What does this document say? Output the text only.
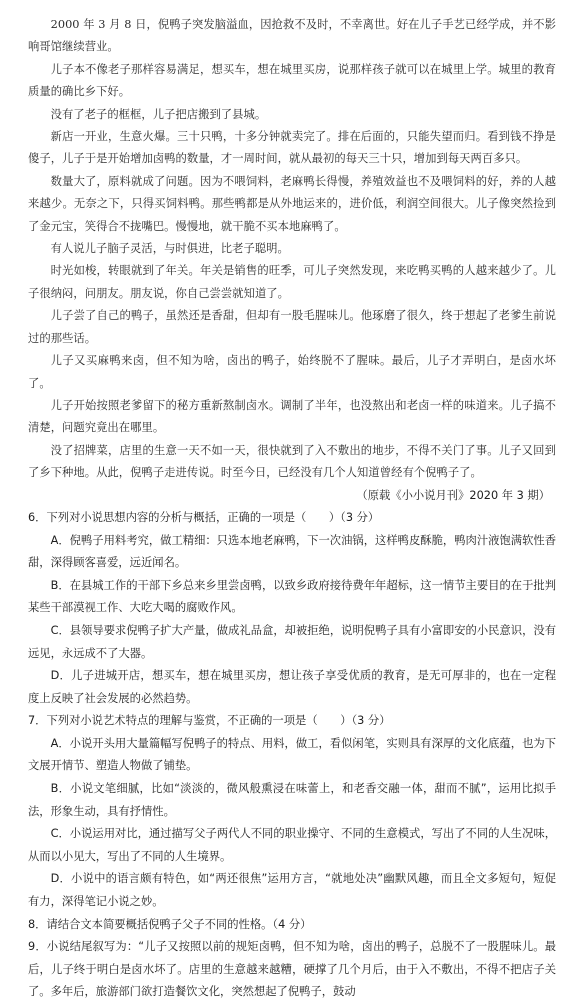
2000 年 3 月 8 日，倪鸭子突发脑溢血，因抢救不及时，不幸离世。好在儿子手艺已经学成，并不影响哥馆继续营业。

儿子本不像老子那样容易满足，想买车，想在城里买房，说那样孩子就可以在城里上学。城里的教育质量的确比乡下好。

没有了老子的框框，儿子把店搬到了县城。

新店一开业，生意火爆。三十只鸭，十多分钟就卖完了。排在后面的，只能失望而归。看到钱不挣是傻子，儿子于是开始增加卤鸭的数量，才一周时间，就从最初的每天三十只，增加到每天两百多只。

数量大了，原料就成了问题。因为不喂饲料，老麻鸭长得慢，养殖效益也不及喂饲料的好，养的人越来越少。无奈之下，只得买饲料鸭。那些鸭都是从外地运来的，进价低，利润空间很大。儿子像突然捡到了金元宝，笑得合不拢嘴巴。慢慢地，就干脆不买本地麻鸭了。

有人说儿子脑子灵活，与时俱进，比老子聪明。

时光如梭，转眼就到了年关。年关是销售的旺季，可儿子突然发现，来吃鸭买鸭的人越来越少了。儿子很纳闷，问朋友。朋友说，你自己尝尝就知道了。

儿子尝了自己的鸭子，虽然还是香甜，但却有一股毛腥味儿。他琢磨了很久，终于想起了老爹生前说过的那些话。

儿子又买麻鸭来卤，但不知为啥，卤出的鸭子，始终脱不了腥味。最后，儿子才弄明白，是卤水坏了。

儿子开始按照老爹留下的秘方重新熬制卤水。调制了半年，也没熬出和老卤一样的味道来。儿子搞不清楚，问题究竟出在哪里。

没了招牌菜，店里的生意一天不如一天，很快就到了入不敷出的地步，不得不关门了事。儿子又回到了乡下种地。从此，倪鸭子走进传说。时至今日，已经没有几个人知道曾经有个倪鸭子了。

（原载《小小说月刊》2020 年 3 期）

6．下列对小说思想内容的分析与概括，正确的一项是（　　）（3 分）

A．倪鸭子用料考究，做工精细：只选本地老麻鸭，下一次油锅，这样鸭皮酥脆，鸭肉汁液饱满软性香甜，深得顾客喜爱，远近闻名。

B．在县城工作的干部下乡总来乡里尝卤鸭，以致乡政府接待费年年超标，这一情节主要目的在于批判某些干部漠视工作、大吃大喝的腐败作风。

C．县领导要求倪鸭子扩大产量，做成礼品盒，却被拒绝，说明倪鸭子具有小富即安的小民意识，没有远见，永远成不了大器。

D．儿子进城开店，想买车，想在城里买房，想让孩子享受优质的教育，是无可厚非的，也在一定程度上反映了社会发展的必然趋势。

7．下列对小说艺术特点的理解与鉴赏，不正确的一项是（　　）（3 分）

A．小说开头用大量篇幅写倪鸭子的特点、用料，做工，看似闲笔，实则具有深厚的文化底蕴，也为下文展开情节、塑造人物做了铺垫。

B．小说文笔细腻，比如“淡淡的，微风般熏浸在味蕾上，和老香交融一体，甜而不腻”，运用比拟手法，形象生动，具有抒情性。

C．小说运用对比，通过描写父子两代人不同的职业操守、不同的生意模式，写出了不同的人生况味，从而以小见大，写出了不同的人生境界。

D．小说中的语言颇有特色，如“两还很焦”运用方言，“就地处决”幽默风趣，而且全文多短句，短促有力，深得笔记小说之妙。

8．请结合文本简要概括倪鸭子父子不同的性格。（4 分）

9．小说结尾叙写为：“儿子又按照以前的规矩卤鸭，但不知为啥，卤出的鸭子，总脱不了一股腥味儿。最后，儿子终于明白是卤水坏了。店里的生意越来越糟，硬撑了几个月后，由于入不敷出，不得不把店子关了。多年后，旅游部门欲打造餐饮文化，突然想起了倪鸭子，鼓动
